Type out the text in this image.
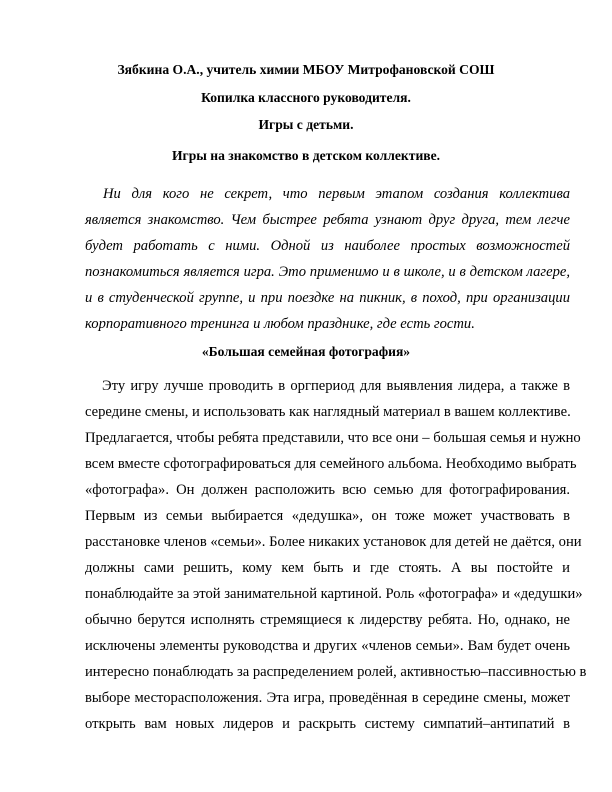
Зябкина О.А., учитель химии МБОУ Митрофановской СОШ
Копилка классного руководителя.
Игры с детьми.
Игры на знакомство в детском коллективе.
Ни для кого не секрет, что первым этапом создания коллектива
является знакомство. Чем быстрее ребята узнают друг друга, тем легче
будет работать с ними. Одной из наиболее простых возможностей
познакомиться является игра. Это применимо и в школе, и в детском лагере,
и в студенческой группе, и при поездке на пикник, в поход, при организации
корпоративного тренинга и любом празднике, где есть гости.
«Большая семейная фотография»
Эту игру лучше проводить в оргпериод для выявления лидера, а также в
середине смены, и использовать как наглядный материал в вашем коллективе.
Предлагается, чтобы ребята представили, что все они – большая семья и нужно
всем вместе сфотографироваться для семейного альбома. Необходимо выбрать
«фотографа». Он должен расположить всю семью для фотографирования.
Первым из семьи выбирается «дедушка», он тоже может участвовать в
расстановке членов «семьи». Более никаких установок для детей не даётся, они
должны сами решить, кому кем быть и где стоять. А вы постойте и
понаблюдайте за этой занимательной картиной. Роль «фотографа» и «дедушки»
обычно берутся исполнять стремящиеся к лидерству ребята. Но, однако, не
исключены элементы руководства и других «членов семьи». Вам будет очень
интересно понаблюдать за распределением ролей, активностью–пассивностью в
выборе месторасположения. Эта игра, проведённая в середине смены, может
открыть вам новых лидеров и раскрыть систему симпатий–антипатий в
